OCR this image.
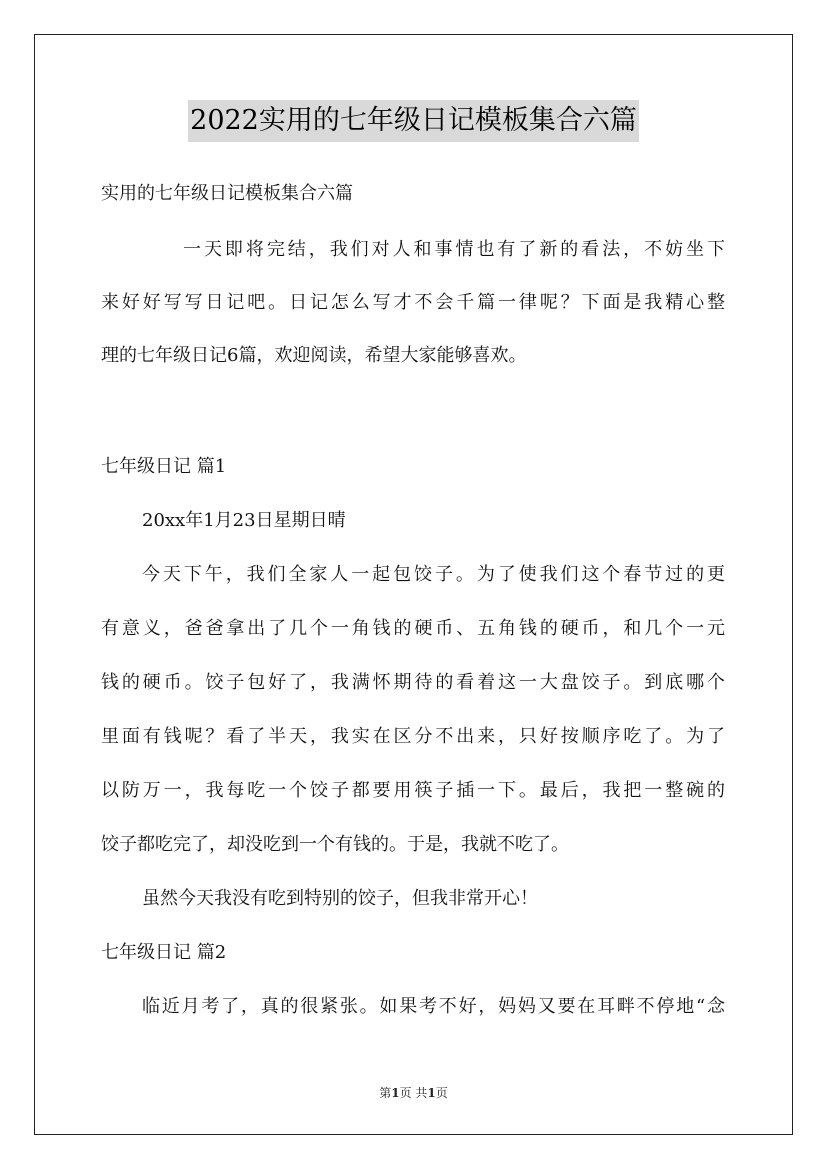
2022实用的七年级日记模板集合六篇
实用的七年级日记模板集合六篇
一天即将完结，我们对人和事情也有了新的看法，不妨坐下
来好好写写日记吧。日记怎么写才不会千篇一律呢？下面是我精心整
理的七年级日记6篇，欢迎阅读，希望大家能够喜欢。
七年级日记 篇1
20xx年1月23日星期日晴
今天下午，我们全家人一起包饺子。为了使我们这个春节过的更
有意义，爸爸拿出了几个一角钱的硬币、五角钱的硬币，和几个一元
钱的硬币。饺子包好了，我满怀期待的看着这一大盘饺子。到底哪个
里面有钱呢？看了半天，我实在区分不出来，只好按顺序吃了。为了
以防万一，我每吃一个饺子都要用筷子插一下。最后，我把一整碗的
饺子都吃完了，却没吃到一个有钱的。于是，我就不吃了。
虽然今天我没有吃到特别的饺子，但我非常开心！
七年级日记 篇2
临近月考了，真的很紧张。如果考不好，妈妈又要在耳畔不停地“念
第1页 共1页
